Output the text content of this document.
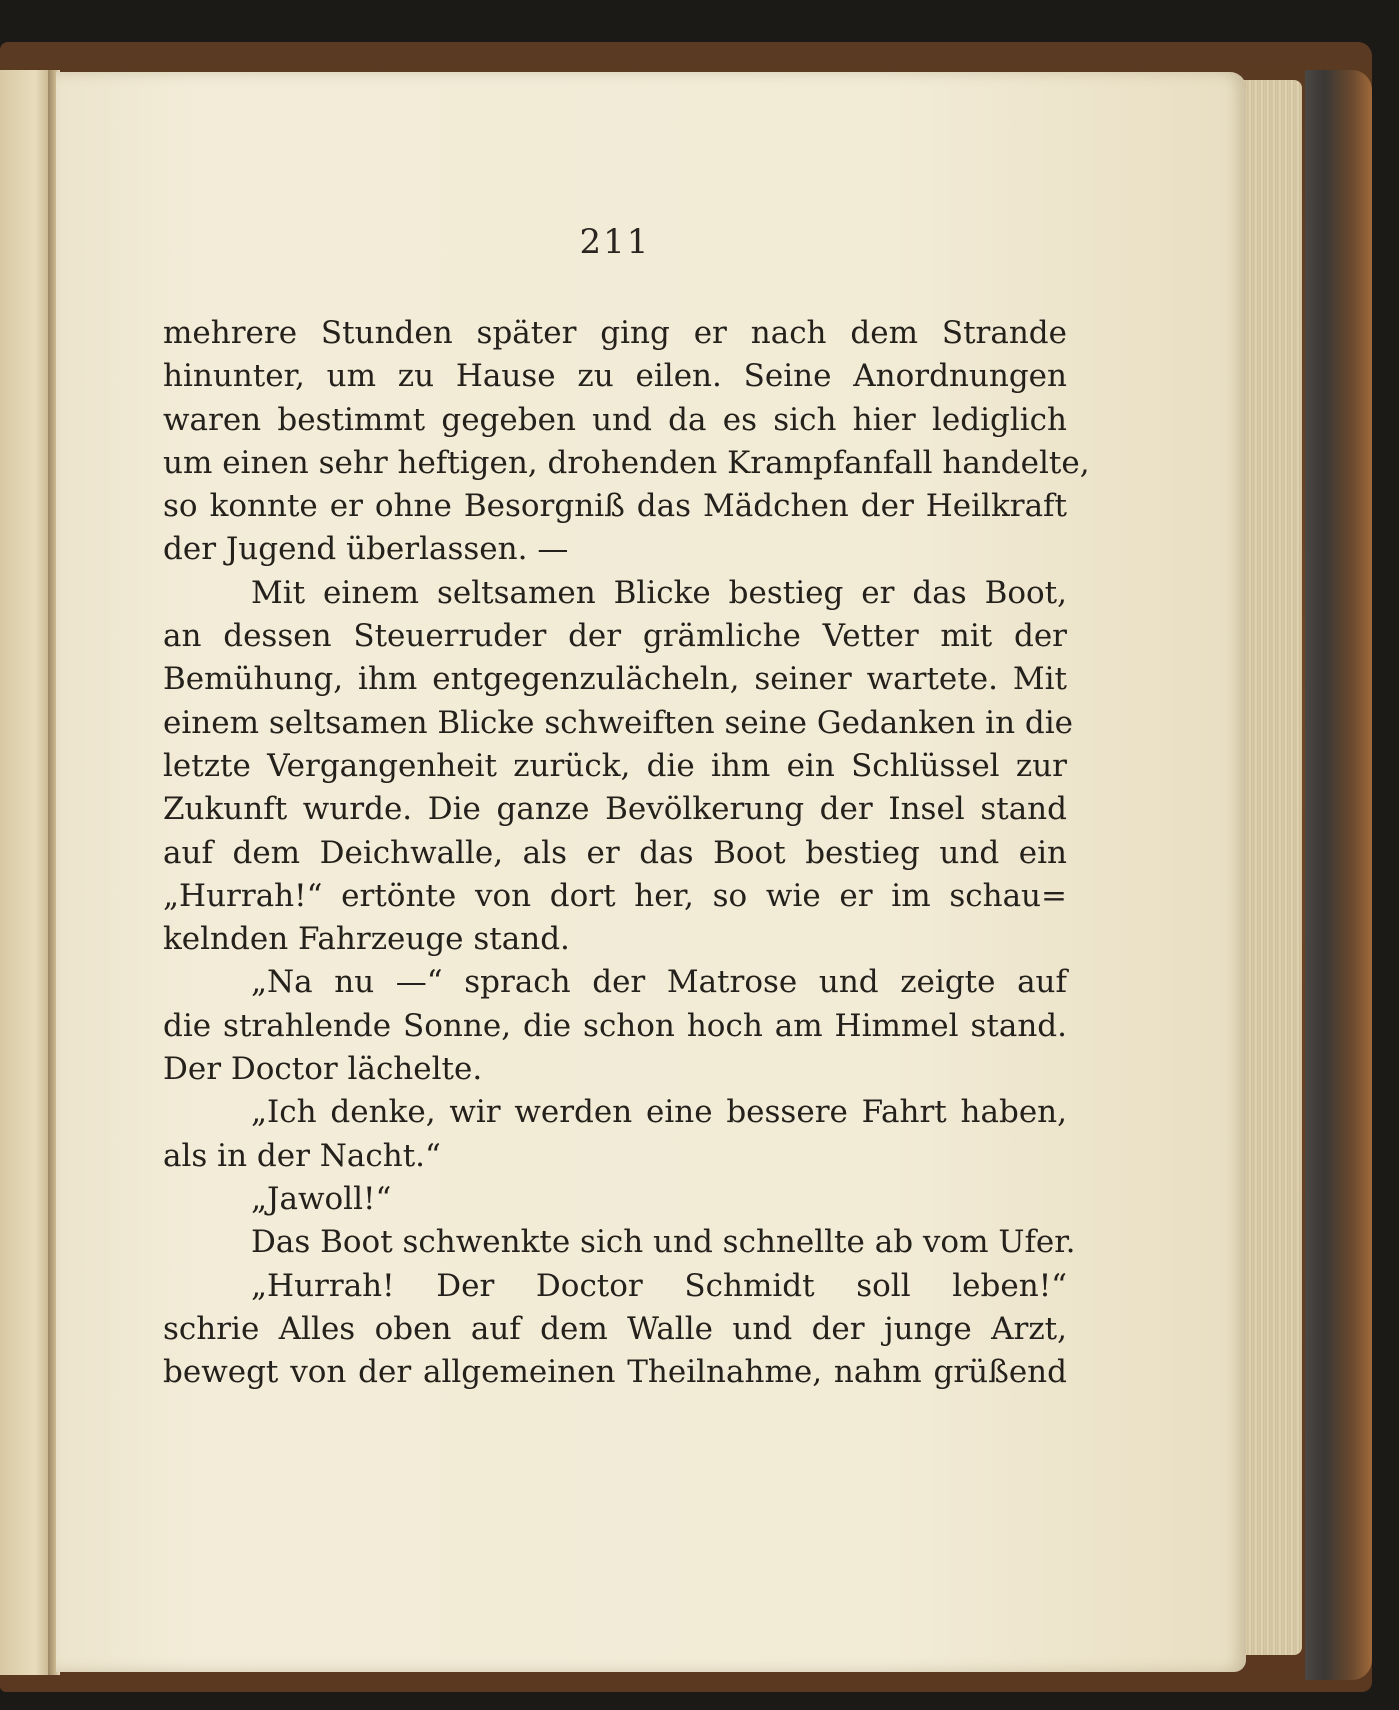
211
mehrere Stunden später ging er nach dem Strande
hinunter, um zu Hause zu eilen. Seine Anordnungen
waren bestimmt gegeben und da es sich hier lediglich
um einen sehr heftigen, drohenden Krampfanfall handelte,
so konnte er ohne Besorgniß das Mädchen der Heilkraft
der Jugend überlassen. —
Mit einem seltsamen Blicke bestieg er das Boot,
an dessen Steuerruder der grämliche Vetter mit der
Bemühung, ihm entgegenzulächeln, seiner wartete. Mit
einem seltsamen Blicke schweiften seine Gedanken in die
letzte Vergangenheit zurück, die ihm ein Schlüssel zur
Zukunft wurde. Die ganze Bevölkerung der Insel stand
auf dem Deichwalle, als er das Boot bestieg und ein
„Hurrah!“ ertönte von dort her, so wie er im schau=
kelnden Fahrzeuge stand.
„Na nu —“ sprach der Matrose und zeigte auf
die strahlende Sonne, die schon hoch am Himmel stand.
Der Doctor lächelte.
„Ich denke, wir werden eine bessere Fahrt haben,
als in der Nacht.“
„Jawoll!“
Das Boot schwenkte sich und schnellte ab vom Ufer.
„Hurrah! Der Doctor Schmidt soll leben!“
schrie Alles oben auf dem Walle und der junge Arzt,
bewegt von der allgemeinen Theilnahme, nahm grüßend
